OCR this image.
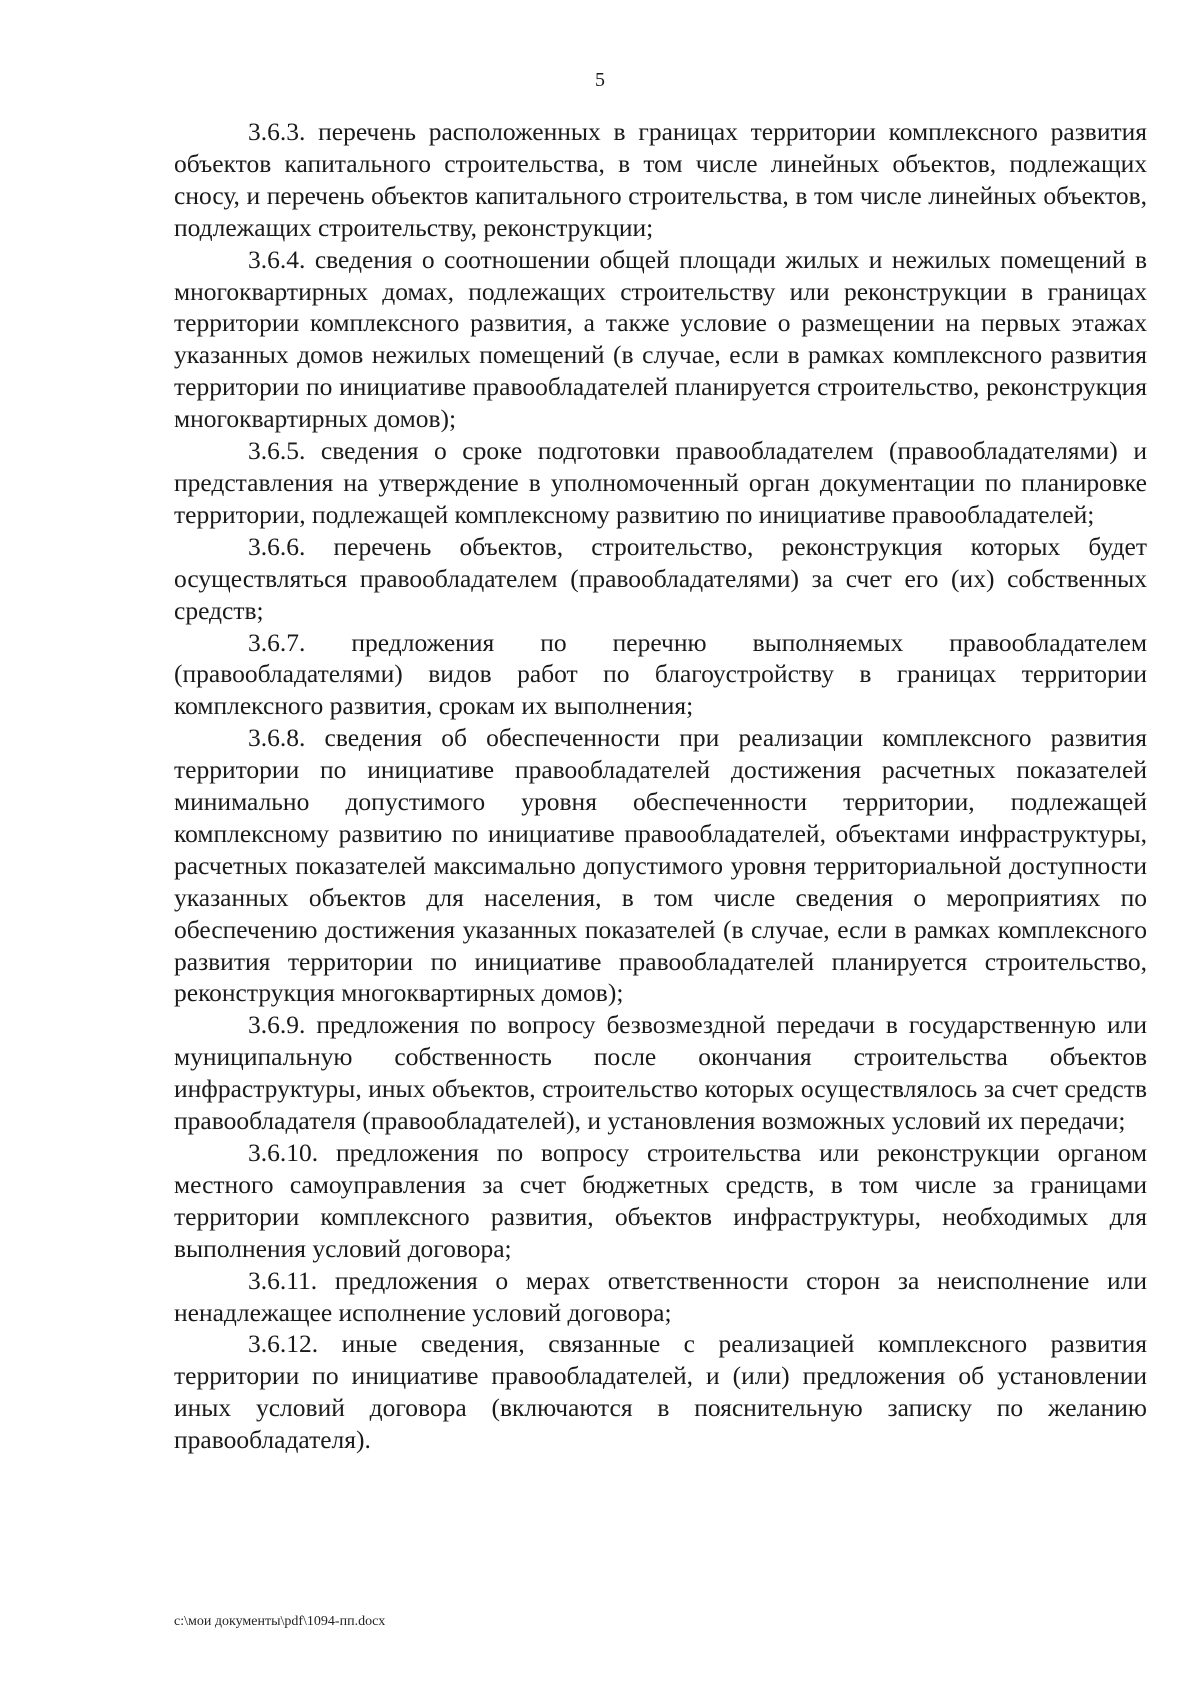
5

3.6.3. перечень расположенных в границах территории комплексного развития объектов капитального строительства, в том числе линейных объектов, подлежащих сносу, и перечень объектов капитального строительства, в том числе линейных объектов, подлежащих строительству, реконструкции;

3.6.4. сведения о соотношении общей площади жилых и нежилых помещений в многоквартирных домах, подлежащих строительству или реконструкции в границах территории комплексного развития, а также условие о размещении на первых этажах указанных домов нежилых помещений (в случае, если в рамках комплексного развития территории по инициативе правообладателей планируется строительство, реконструкция многоквартирных домов);

3.6.5. сведения о сроке подготовки правообладателем (правообладателями) и представления на утверждение в уполномоченный орган документации по планировке территории, подлежащей комплексному развитию по инициативе правообладателей;

3.6.6. перечень объектов, строительство, реконструкция которых будет осуществляться правообладателем (правообладателями) за счет его (их) собственных средств;

3.6.7. предложения по перечню выполняемых правообладателем (правообладателями) видов работ по благоустройству в границах территории комплексного развития, срокам их выполнения;

3.6.8. сведения об обеспеченности при реализации комплексного развития территории по инициативе правообладателей достижения расчетных показателей минимально допустимого уровня обеспеченности территории, подлежащей комплексному развитию по инициативе правообладателей, объектами инфраструктуры, расчетных показателей максимально допустимого уровня территориальной доступности указанных объектов для населения, в том числе сведения о мероприятиях по обеспечению достижения указанных показателей (в случае, если в рамках комплексного развития территории по инициативе правообладателей планируется строительство, реконструкция многоквартирных домов);

3.6.9. предложения по вопросу безвозмездной передачи в государственную или муниципальную собственность после окончания строительства объектов инфраструктуры, иных объектов, строительство которых осуществлялось за счет средств правообладателя (правообладателей), и установления возможных условий их передачи;

3.6.10. предложения по вопросу строительства или реконструкции органом местного самоуправления за счет бюджетных средств, в том числе за границами территории комплексного развития, объектов инфраструктуры, необходимых для выполнения условий договора;

3.6.11. предложения о мерах ответственности сторон за неисполнение или ненадлежащее исполнение условий договора;

3.6.12. иные сведения, связанные с реализацией комплексного развития территории по инициативе правообладателей, и (или) предложения об установлении иных условий договора (включаются в пояснительную записку по желанию правообладателя).

c:\мои документы\pdf\1094-пп.docx
